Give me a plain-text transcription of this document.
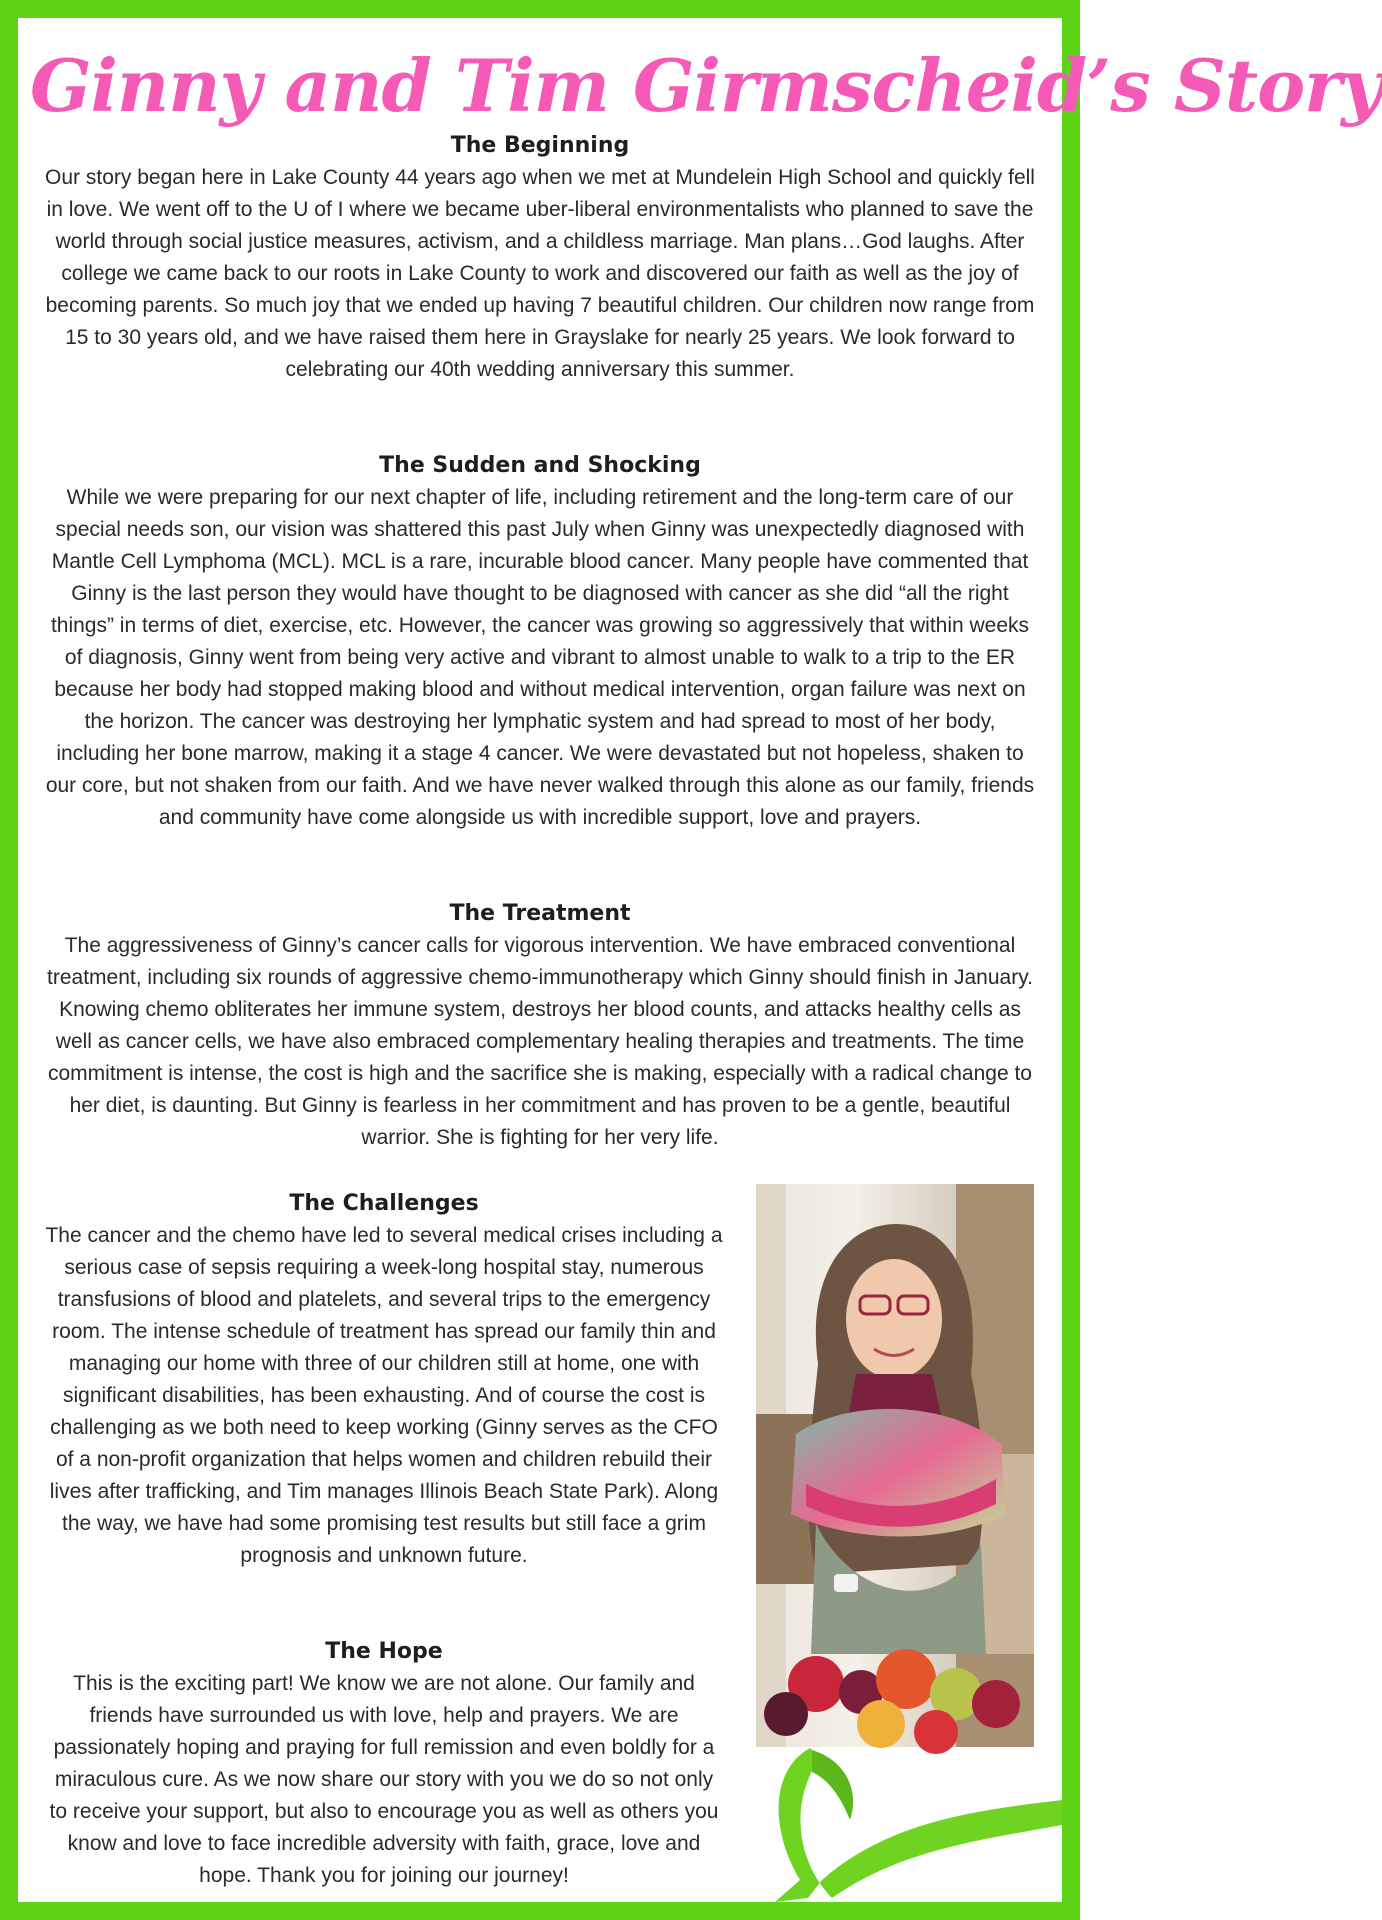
Ginny and Tim Girmscheid’s Story
The Beginning

Our story began here in Lake County 44 years ago when we met at Mundelein High School and quickly fell in love. We went off to the U of I where we became uber-liberal environmentalists who planned to save the world through social justice measures, activism, and a childless marriage. Man plans…God laughs. After college we came back to our roots in Lake County to work and discovered our faith as well as the joy of becoming parents. So much joy that we ended up having 7 beautiful children. Our children now range from 15 to 30 years old, and we have raised them here in Grayslake for nearly 25 years. We look forward to celebrating our 40th wedding anniversary this summer.

The Sudden and Shocking

While we were preparing for our next chapter of life, including retirement and the long-term care of our special needs son, our vision was shattered this past July when Ginny was unexpectedly diagnosed with Mantle Cell Lymphoma (MCL). MCL is a rare, incurable blood cancer. Many people have commented that Ginny is the last person they would have thought to be diagnosed with cancer as she did “all the right things” in terms of diet, exercise, etc. However, the cancer was growing so aggressively that within weeks of diagnosis, Ginny went from being very active and vibrant to almost unable to walk to a trip to the ER because her body had stopped making blood and without medical intervention, organ failure was next on the horizon. The cancer was destroying her lymphatic system and had spread to most of her body, including her bone marrow, making it a stage 4 cancer. We were devastated but not hopeless, shaken to our core, but not shaken from our faith. And we have never walked through this alone as our family, friends and community have come alongside us with incredible support, love and prayers.

The Treatment

The aggressiveness of Ginny’s cancer calls for vigorous intervention. We have embraced conventional treatment, including six rounds of aggressive chemo-immunotherapy which Ginny should finish in January. Knowing chemo obliterates her immune system, destroys her blood counts, and attacks healthy cells as well as cancer cells, we have also embraced complementary healing therapies and treatments. The time commitment is intense, the cost is high and the sacrifice she is making, especially with a radical change to her diet, is daunting. But Ginny is fearless in her commitment and has proven to be a gentle, beautiful warrior. She is fighting for her very life.

The Challenges

The cancer and the chemo have led to several medical crises including a serious case of sepsis requiring a week-long hospital stay, numerous transfusions of blood and platelets, and several trips to the emergency room. The intense schedule of treatment has spread our family thin and managing our home with three of our children still at home, one with significant disabilities, has been exhausting. And of course the cost is challenging as we both need to keep working (Ginny serves as the CFO of a non-profit organization that helps women and children rebuild their lives after trafficking, and Tim manages Illinois Beach State Park). Along the way, we have had some promising test results but still face a grim prognosis and unknown future.

The Hope

This is the exciting part! We know we are not alone. Our family and friends have surrounded us with love, help and prayers. We are passionately hoping and praying for full remission and even boldly for a miraculous cure. As we now share our story with you we do so not only to receive your support, but also to encourage you as well as others you know and love to face incredible adversity with faith, grace, love and hope. Thank you for joining our journey!
